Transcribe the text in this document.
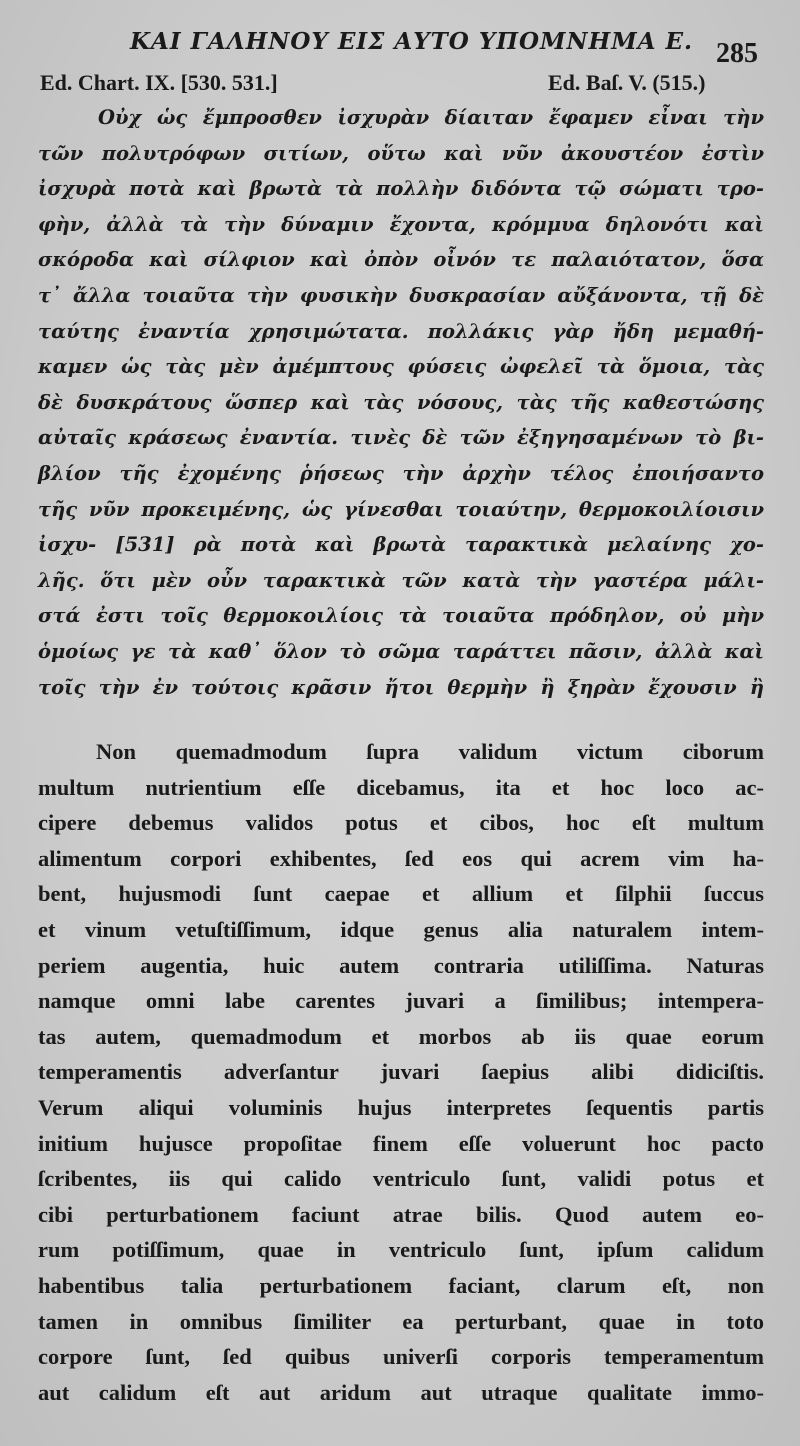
ΚΑΙ ΓΑΛΗΝΟΥ ΕΙΣ ΑΥΤΟ ΥΠΟΜΝΗΜΑ Ε. 285
Ed. Chart. IX. [530. 531.]	Ed. Baſ. V. (515.)
Οὐχ ὡς ἔμπροσθεν ἰσχυρὰν δίαιταν ἔφαμεν εἶναι τὴν
τῶν πολυτρόφων σιτίων, οὕτω καὶ νῦν ἀκουστέον ἐστὶν
ἰσχυρὰ ποτὰ καὶ βρωτὰ τὰ πολλὴν διδόντα τῷ σώματι τρο-
φὴν, ἀλλὰ τὰ τὴν δύναμιν ἔχοντα, κρόμμυα δηλονότι καὶ
σκόροδα καὶ σίλφιον καὶ ὀπὸν οἶνόν τε παλαιότατον, ὅσα
τ᾽ ἄλλα τοιαῦτα τὴν φυσικὴν δυσκρασίαν αὔξάνοντα, τῇ δὲ
ταύτης ἐναντία χρησιμώτατα. πολλάκις γὰρ ἤδη μεμαθή-
καμεν ὡς τὰς μὲν ἀμέμπτους φύσεις ὠφελεῖ τὰ ὅμοια, τὰς
δὲ δυσκράτους ὥσπερ καὶ τὰς νόσους, τὰς τῆς καθεστώσης
αὐταῖς κράσεως ἐναντία. τινὲς δὲ τῶν ἐξηγησαμένων τὸ βι-
βλίον τῆς ἐχομένης ῥήσεως τὴν ἀρχὴν τέλος ἐποιήσαντο
τῆς νῦν προκειμένης, ὡς γίνεσθαι τοιαύτην, θερμοκοιλίοισιν
ἰσχυ- [531] ρὰ ποτὰ καὶ βρωτὰ ταρακτικὰ μελαίνης χο-
λῆς. ὅτι μὲν οὖν ταρακτικὰ τῶν κατὰ τὴν γαστέρα μάλι-
στά ἐστι τοῖς θερμοκοιλίοις τὰ τοιαῦτα πρόδηλον, οὐ μὴν
ὁμοίως γε τὰ καθ᾽ ὅλον τὸ σῶμα ταράττει πᾶσιν, ἀλλὰ καὶ
τοῖς τὴν ἐν τούτοις κρᾶσιν ἤτοι θερμὴν ἢ ξηρὰν ἔχουσιν ἢ
Non quemadmodum ſupra validum victum ciborum
multum nutrientium eſſe dicebamus, ita et hoc loco ac-
cipere debemus validos potus et cibos, hoc eſt multum
alimentum corpori exhibentes, ſed eos qui acrem vim ha-
bent, hujusmodi ſunt caepae et allium et ſilphii ſuccus
et vinum vetuſtiſſimum, idque genus alia naturalem intem-
periem augentia, huic autem contraria utiliſſima. Naturas
namque omni labe carentes juvari a ſimilibus; intempera-
tas autem, quemadmodum et morbos ab iis quae eorum
temperamentis adverſantur juvari ſaepius alibi didiciſtis.
Verum aliqui voluminis hujus interpretes ſequentis partis
initium hujusce propoſitae finem eſſe voluerunt hoc pacto
ſcribentes, iis qui calido ventriculo ſunt, validi potus et
cibi perturbationem faciunt atrae bilis. Quod autem eo-
rum potiſſimum, quae in ventriculo ſunt, ipſum calidum
habentibus talia perturbationem faciant, clarum eſt, non
tamen in omnibus ſimiliter ea perturbant, quae in toto
corpore ſunt, ſed quibus univerſi corporis temperamentum
aut calidum eſt aut aridum aut utraque qualitate immo-
